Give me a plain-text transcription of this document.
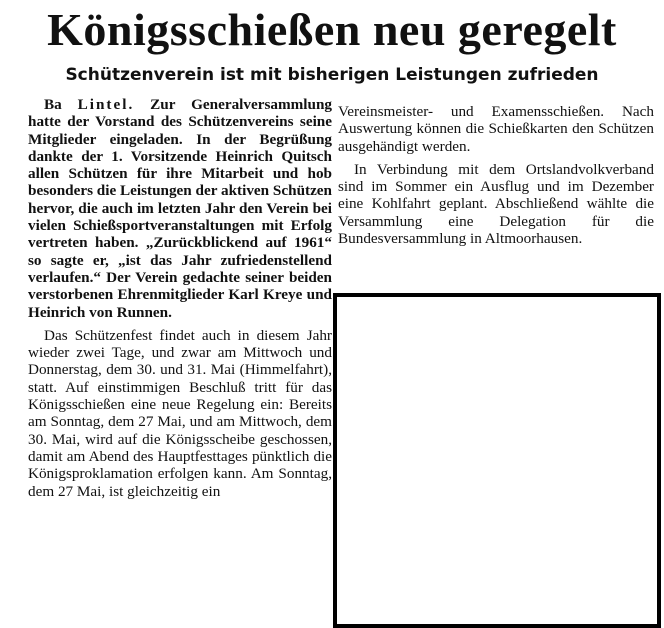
Königsschießen neu geregelt
Schützenverein ist mit bisherigen Leistungen zufrieden

Ba Lintel. Zur Generalversammlung hatte der Vorstand des Schützenvereins seine Mitglieder eingeladen. In der Begrüßung dankte der 1. Vorsitzende Heinrich Quitsch allen Schützen für ihre Mitarbeit und hob besonders die Leistungen der aktiven Schützen hervor, die auch im letzten Jahr den Verein bei vielen Schießsportveranstaltungen mit Erfolg vertreten haben. „Zurückblickend auf 1961“ so sagte er, „ist das Jahr zufriedenstellend verlaufen.“ Der Verein gedachte seiner beiden verstorbenen Ehrenmitglieder Karl Kreye und Heinrich von Runnen.

Das Schützenfest findet auch in diesem Jahr wieder zwei Tage, und zwar am Mittwoch und Donnerstag, dem 30. und 31. Mai (Himmelfahrt), statt. Auf einstimmigen Beschluß tritt für das Königsschießen eine neue Regelung ein: Bereits am Sonntag, dem 27 Mai, und am Mittwoch, dem 30. Mai, wird auf die Königsscheibe geschossen, damit am Abend des Hauptfesttages pünktlich die Königsproklamation erfolgen kann. Am Sonntag, dem 27 Mai, ist gleichzeitig ein

Vereinsmeister- und Examensschießen. Nach Auswertung können die Schießkarten den Schützen ausgehändigt werden.

In Verbindung mit dem Ortslandvolkverband sind im Sommer ein Ausflug und im Dezember eine Kohlfahrt geplant. Abschließend wählte die Versammlung eine Delegation für die Bundesversammlung in Altmoorhausen.
